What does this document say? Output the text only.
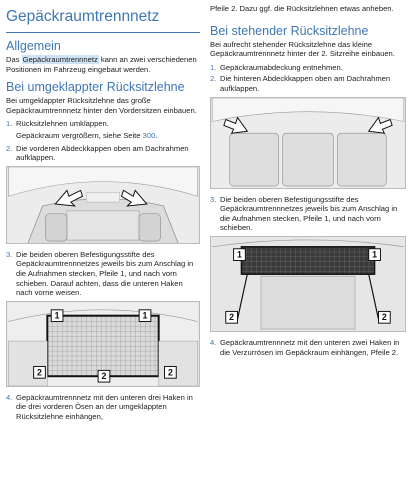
Gepäckraumtrennnetz
Allgemein
Das Gepäckraumtrennnetz kann an zwei verschiedenen Positionen im Fahrzeug eingebaut werden.
Bei umgeklappter Rücksitzlehne
Bei umgeklappter Rücksitzlehne das große Gepäckraumtrennnetz hinter den Vordersitzen einbauen.
1. Rücksitzlehnen umklappen.
Gepäckraum vergrößern, siehe Seite 300.
2. Die vorderen Abdeckkappen oben am Dachrahmen aufklappen.
3. Die beiden oberen Befestigungsstifte des Gepäckraumtrennnetzes jeweils bis zum Anschlag in die Aufnahmen stecken, Pfeile 1, und nach vorn schieben. Darauf achten, dass die unteren Haken nach vorne weisen.
1	1
2	2	2
4. Gepäckraumtrennnetz mit den unteren drei Haken in die drei vorderen Ösen an der umgeklappten Rücksitzlehne einhängen,
Pfeile 2. Dazu ggf. die Rücksitzlehnen etwas anheben.
Bei stehender Rücksitzlehne
Bei aufrecht stehender Rücksitzlehne das kleine Gepäckraumtrennnetz hinter der 2. Sitzreihe einbauen.
1. Gepäckraumabdeckung entnehmen.
2. Die hinteren Abdeckkappen oben am Dachrahmen aufklappen.
3. Die beiden oberen Befestigungsstifte des Gepäckraumtrennnetzes jeweils bis zum Anschlag in die Aufnahmen stecken, Pfeile 1, und nach vorn schieben.
1	1
2	2
4. Gepäckraumtrennnetz mit den unteren zwei Haken in die Verzurrösen im Gepäckraum einhängen, Pfeile 2.
